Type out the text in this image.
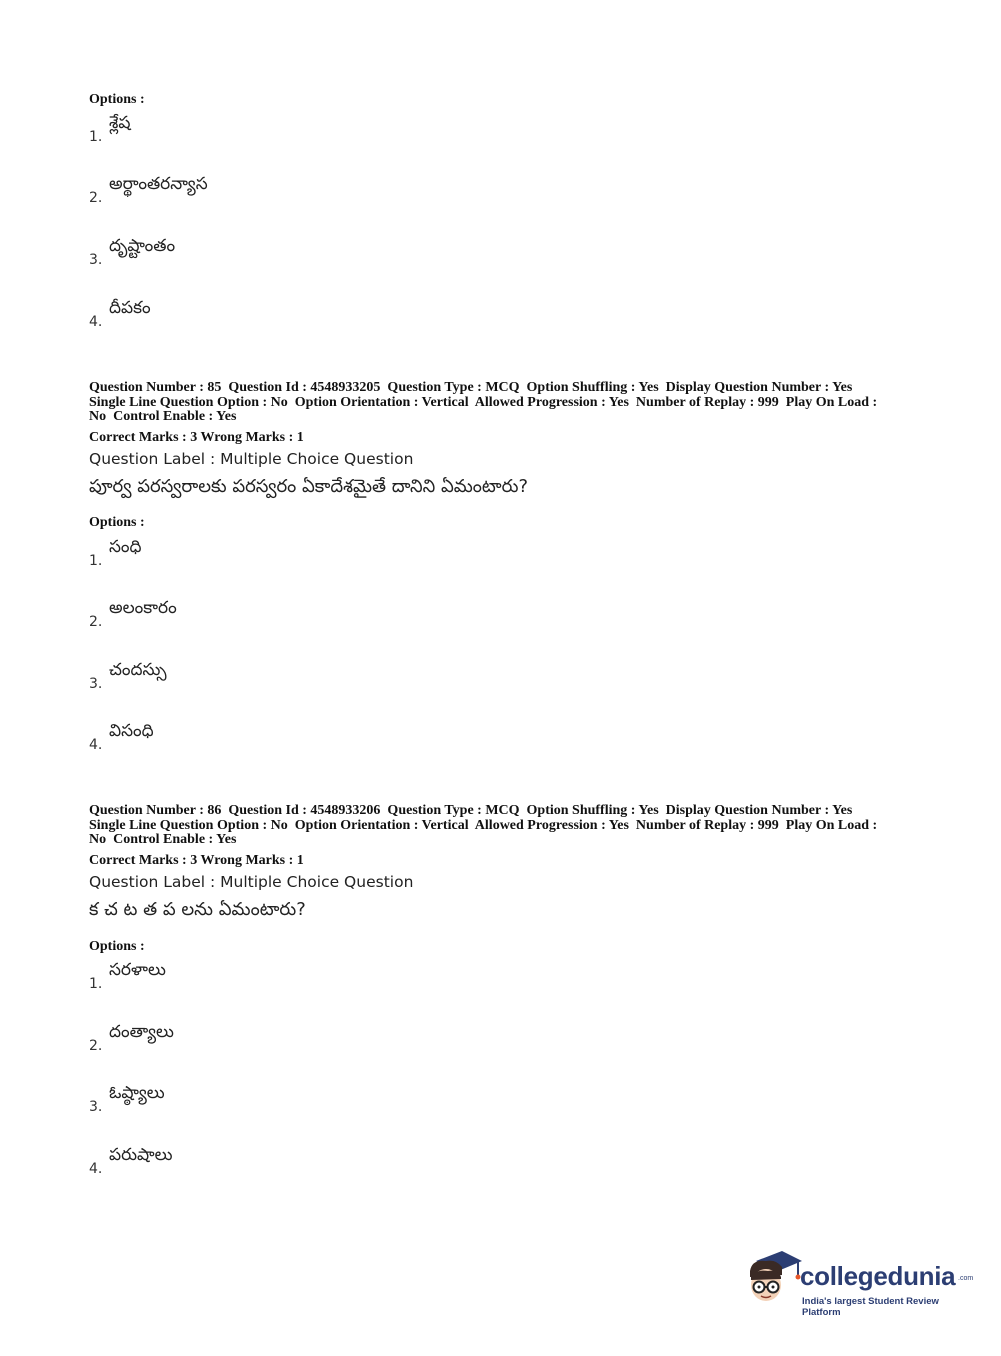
Options :
1.
శ్లేష
2.
అర్థాంతరన్యాస
3.
దృష్టాంతం
4.
దీపకం
Question Number : 85  Question Id : 4548933205  Question Type : MCQ  Option Shuffling : Yes  Display Question Number : Yes
Single Line Question Option : No  Option Orientation : Vertical  Allowed Progression : Yes  Number of Replay : 999  Play On Load :
No  Control Enable : Yes
Correct Marks : 3 Wrong Marks : 1
Question Label : Multiple Choice Question
పూర్వ పరస్వరాలకు పరస్వరం ఏకాదేశమైతే దానిని ఏమంటారు?
Options :
1.
సంధి
2.
అలంకారం
3.
చందస్సు
4.
విసంధి
Question Number : 86  Question Id : 4548933206  Question Type : MCQ  Option Shuffling : Yes  Display Question Number : Yes
Single Line Question Option : No  Option Orientation : Vertical  Allowed Progression : Yes  Number of Replay : 999  Play On Load :
No  Control Enable : Yes
Correct Marks : 3 Wrong Marks : 1
Question Label : Multiple Choice Question
క చ ట త ప లను ఏమంటారు?
Options :
1.
సరళాలు
2.
దంత్యాలు
3.
ఓష్ఠ్యాలు
4.
పరుషాలు
collegedunia .com
India's largest Student Review Platform
